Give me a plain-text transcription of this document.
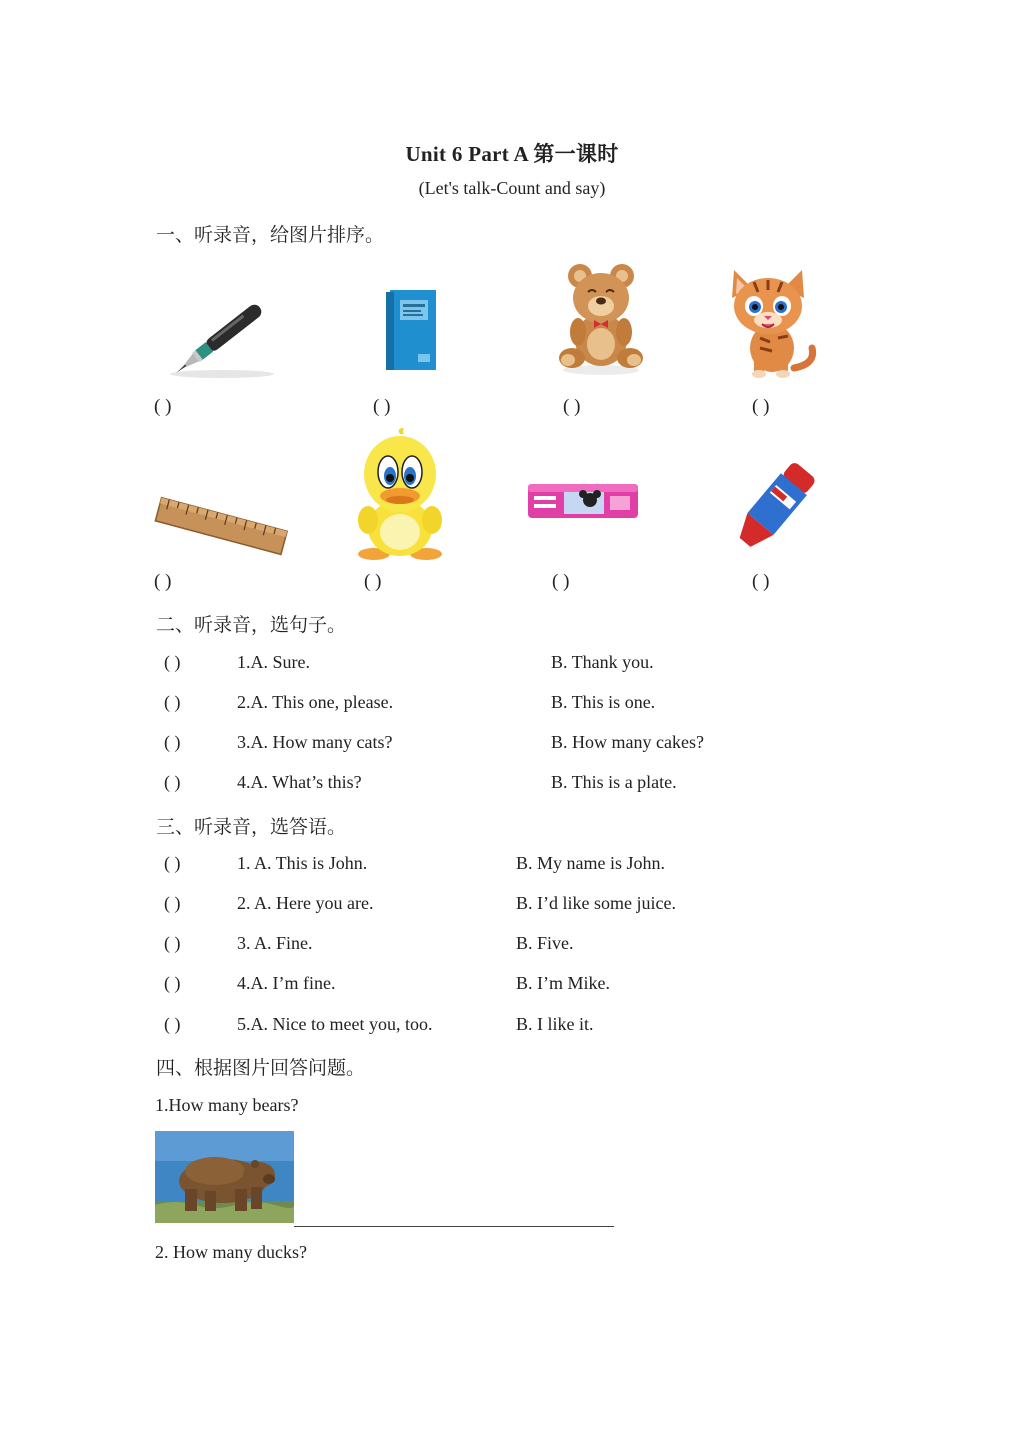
Unit 6 Part A 第一课时
(Let's talk-Count and say)
一、听录音，给图片排序。
( )	( )	( )	( )
( )	( )	( )	( )
二、听录音，选句子。
( )	1.A. Sure.	B. Thank you.
( )	2.A. This one, please.	B. This is one.
( )	3.A. How many cats?	B. How many cakes?
( )	4.A. What’s this?	B. This is a plate.
三、听录音，选答语。
( )	1. A. This is John.	B. My name is John.
( )	2. A. Here you are.	B. I’d like some juice.
( )	3. A. Fine.	B. Five.
( )	4.A. I’m fine.	B. I’m Mike.
( )	5.A. Nice to meet you, too.	B. I like it.
四、根据图片回答问题。
1.How many bears?
2. How many ducks?
